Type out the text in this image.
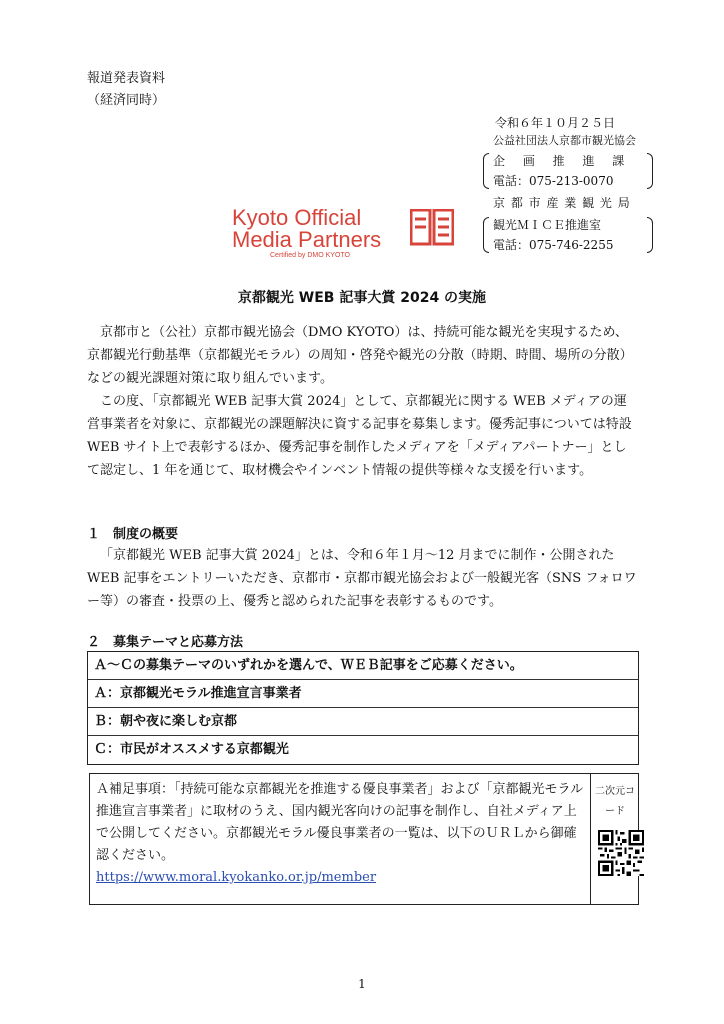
報道発表資料
（経済同時）
令和６年１０月２５日
公益社団法人京都市観光協会
企 画 推 進 課
電話：075-213-0070
京 都 市 産 業 観 光 局
観光ＭＩＣＥ推進室
電話：075-746-2255
Kyoto Official
Media Partners
Certified by DMO KYOTO
京都観光 WEB 記事大賞 2024 の実施

京都市と（公社）京都市観光協会（DMO KYOTO）は、持続可能な観光を実現するため、京都観光行動基準（京都観光モラル）の周知・啓発や観光の分散（時期、時間、場所の分散）などの観光課題対策に取り組んでいます。

この度、「京都観光 WEB 記事大賞 2024」として、京都観光に関する WEB メディアの運営事業者を対象に、京都観光の課題解決に資する記事を募集します。優秀記事については特設 WEB サイト上で表彰するほか、優秀記事を制作したメディアを「メディアパートナー」として認定し、1 年を通じて、取材機会やインベント情報の提供等様々な支援を行います。

１　制度の概要

「京都観光 WEB 記事大賞 2024」とは、令和６年１月〜12 月までに制作・公開された WEB 記事をエントリーいただき、京都市・京都市観光協会および一般観光客（SNS フォロワー等）の審査・投票の上、優秀と認められた記事を表彰するものです。

２　募集テーマと応募方法
Ａ〜Ｃの募集テーマのいずれかを選んで、ＷＥＢ記事をご応募ください。
Ａ：京都観光モラル推進宣言事業者
Ｂ：朝や夜に楽しむ京都
Ｃ：市民がオススメする京都観光
Ａ補足事項：「持続可能な京都観光を推進する優良事業者」および「京都観光モラル推進宣言事業者」に取材のうえ、国内観光客向けの記事を制作し、自社メディア上で公開してください。京都観光モラル優良事業者の一覧は、以下のＵＲＬから御確認ください。
https://www.moral.kyokanko.or.jp/member
二次元コード
1
